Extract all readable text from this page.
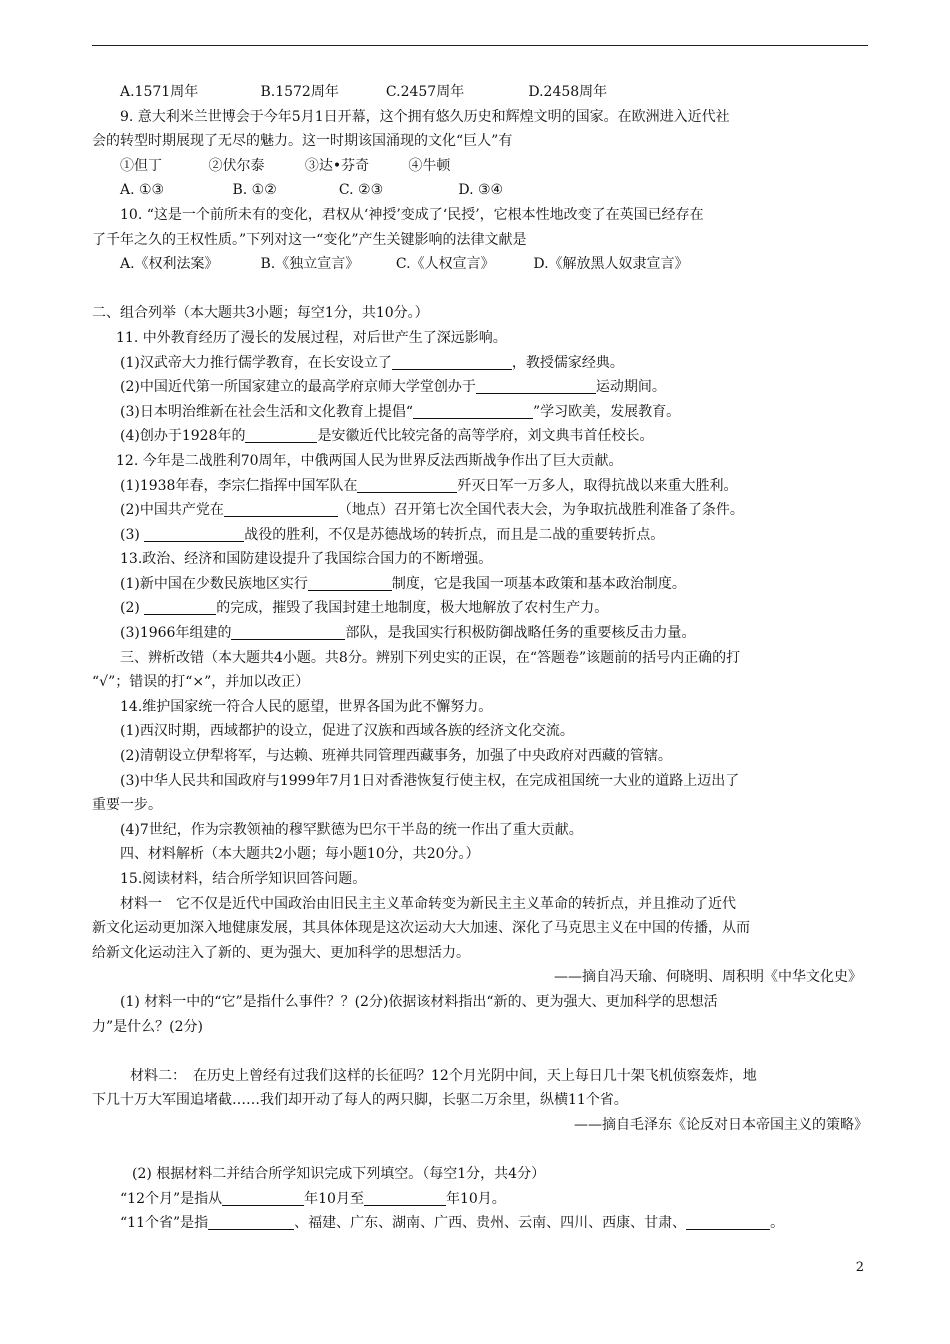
A.1571周年	B.1572周年	C.2457周年	D.2458周年
9. 意大利米兰世博会于今年5月1日开幕，这个拥有悠久历史和辉煌文明的国家。在欧洲进入近代社
会的转型时期展现了无尽的魅力。这一时期该国涌现的文化“巨人”有
①但丁	②伏尔泰	③达•芬奇	④牛顿
A. ①③	B. ①②	C. ②③	D. ③④
10. “这是一个前所未有的变化，君权从‘神授’变成了‘民授’，它根本性地改变了在英国已经存在
了千年之久的王权性质。”下列对这一“变化”产生关键影响的法律文献是
A.《权利法案》	B.《独立宣言》	C.《人权宣言》	D.《解放黑人奴隶宣言》
二、组合列举（本大题共3小题；每空1分，共10分。）
11. 中外教育经历了漫长的发展过程，对后世产生了深远影响。
(1)汉武帝大力推行儒学教育，在长安设立了	，教授儒家经典。
(2)中国近代第一所国家建立的最高学府京师大学堂创办于	运动期间。
(3)日本明治维新在社会生活和文化教育上提倡“	”学习欧美，发展教育。
(4)创办于1928年的	是安徽近代比较完备的高等学府，刘文典韦首任校长。
12. 今年是二战胜利70周年，中俄两国人民为世界反法西斯战争作出了巨大贡献。
(1)1938年春，李宗仁指挥中国军队在	歼灭日军一万多人，取得抗战以来重大胜利。
(2)中国共产党在	（地点）召开第七次全国代表大会，为争取抗战胜利准备了条件。
(3)	战役的胜利，不仅是苏德战场的转折点，而且是二战的重要转折点。
13.政治、经济和国防建设提升了我国综合国力的不断增强。
(1)新中国在少数民族地区实行	制度，它是我国一项基本政策和基本政治制度。
(2)	的完成，摧毁了我国封建土地制度，极大地解放了农村生产力。
(3)1966年组建的	部队，是我国实行积极防御战略任务的重要核反击力量。
三、辨析改错（本大题共4小题。共8分。辨别下列史实的正误，在“答题卷”该题前的括号内正确的打
“√”；错误的打“×”，并加以改正）
14.维护国家统一符合人民的愿望，世界各国为此不懈努力。
(1)西汉时期，西域都护的设立，促进了汉族和西域各族的经济文化交流。
(2)清朝设立伊犁将军，与达赖、班禅共同管理西藏事务，加强了中央政府对西藏的管辖。
(3)中华人民共和国政府与1999年7月1日对香港恢复行使主权，在完成祖国统一大业的道路上迈出了
重要一步。
(4)7世纪，作为宗教领袖的穆罕默德为巴尔干半岛的统一作出了重大贡献。
四、材料解析（本大题共2小题；每小题10分，共20分。）
15.阅读材料，结合所学知识回答问题。
材料一　它不仅是近代中国政治由旧民主主义革命转变为新民主主义革命的转折点，并且推动了近代
新文化运动更加深入地健康发展，其具体体现是这次运动大大加速、深化了马克思主义在中国的传播，从而
给新文化运动注入了新的、更为强大、更加科学的思想活力。
——摘自冯天瑜、何晓明、周积明《中华文化史》
(1) 材料一中的“它”是指什么事件？？(2分)依据该材料指出“新的、更为强大、更加科学的思想活
力”是什么？(2分)
材料二：　在历史上曾经有过我们这样的长征吗？12个月光阴中间，天上每日几十架飞机侦察轰炸，地
下几十万大军围追堵截……我们却开动了每人的两只脚，长驱二万余里，纵横11个省。
——摘自毛泽东《论反对日本帝国主义的策略》
(2) 根据材料二并结合所学知识完成下列填空。（每空1分，共4分）
“12个月”是指从	年10月至	年10月。
“11个省”是指	、福建、广东、湖南、广西、贵州、云南、四川、西康、甘肃、	。
2
